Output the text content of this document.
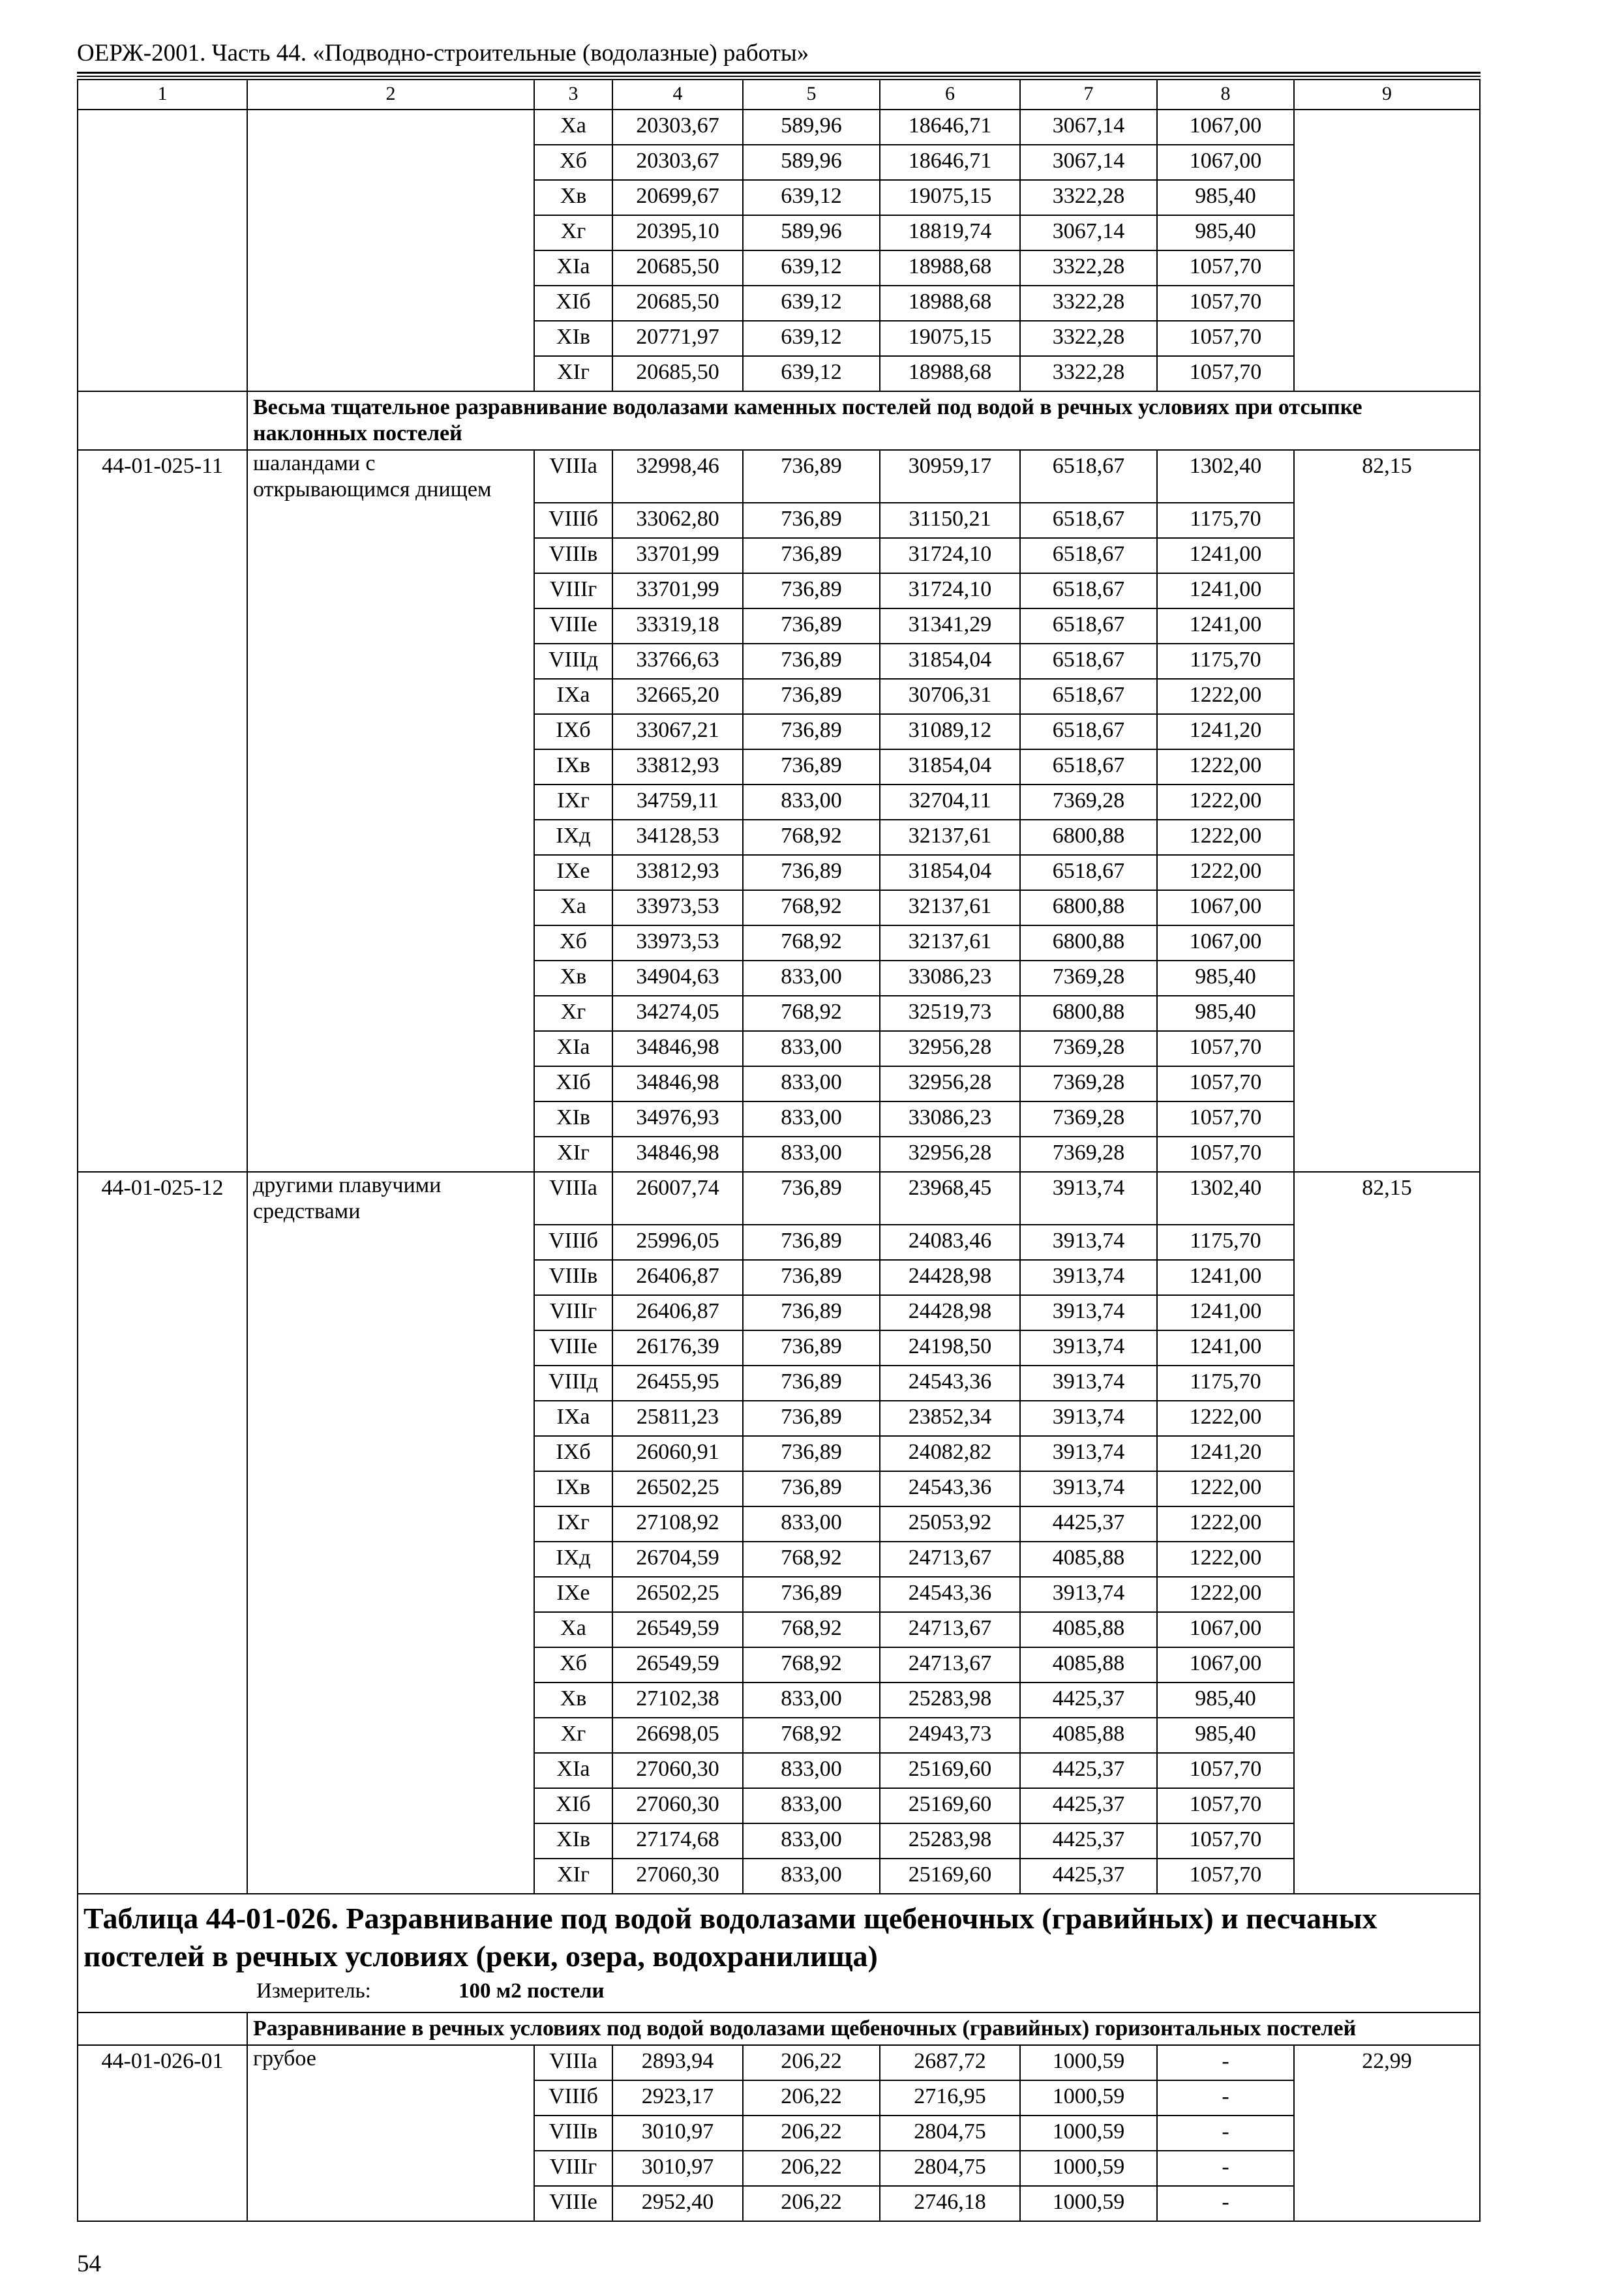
ОЕРЖ-2001. Часть 44. «Подводно-строительные (водолазные) работы»
1	2	3	4	5	6	7	8	9
		Xa	20303,67	589,96	18646,71	3067,14	1067,00	
		Xб	20303,67	589,96	18646,71	3067,14	1067,00	
		Xв	20699,67	639,12	19075,15	3322,28	985,40	
		Xг	20395,10	589,96	18819,74	3067,14	985,40	
		XIa	20685,50	639,12	18988,68	3322,28	1057,70	
		XIб	20685,50	639,12	18988,68	3322,28	1057,70	
		XIв	20771,97	639,12	19075,15	3322,28	1057,70	
		XIг	20685,50	639,12	18988,68	3322,28	1057,70	
	Весьма тщательное разравнивание водолазами каменных постелей под водой в речных условиях при отсыпке наклонных постелей							
44-01-025-11	шаландами с открывающимся днищем	VIIIa	32998,46	736,89	30959,17	6518,67	1302,40	82,15
		VIIIб	33062,80	736,89	31150,21	6518,67	1175,70	
		VIIIв	33701,99	736,89	31724,10	6518,67	1241,00	
		VIIIг	33701,99	736,89	31724,10	6518,67	1241,00	
		VIIIe	33319,18	736,89	31341,29	6518,67	1241,00	
		VIIIд	33766,63	736,89	31854,04	6518,67	1175,70	
		IXa	32665,20	736,89	30706,31	6518,67	1222,00	
		IXб	33067,21	736,89	31089,12	6518,67	1241,20	
		IXв	33812,93	736,89	31854,04	6518,67	1222,00	
		IXг	34759,11	833,00	32704,11	7369,28	1222,00	
		IXд	34128,53	768,92	32137,61	6800,88	1222,00	
		IXe	33812,93	736,89	31854,04	6518,67	1222,00	
		Xa	33973,53	768,92	32137,61	6800,88	1067,00	
		Xб	33973,53	768,92	32137,61	6800,88	1067,00	
		Xв	34904,63	833,00	33086,23	7369,28	985,40	
		Xг	34274,05	768,92	32519,73	6800,88	985,40	
		XIa	34846,98	833,00	32956,28	7369,28	1057,70	
		XIб	34846,98	833,00	32956,28	7369,28	1057,70	
		XIв	34976,93	833,00	33086,23	7369,28	1057,70	
		XIг	34846,98	833,00	32956,28	7369,28	1057,70	
44-01-025-12	другими плавучими средствами	VIIIa	26007,74	736,89	23968,45	3913,74	1302,40	82,15
		VIIIб	25996,05	736,89	24083,46	3913,74	1175,70	
		VIIIв	26406,87	736,89	24428,98	3913,74	1241,00	
		VIIIг	26406,87	736,89	24428,98	3913,74	1241,00	
		VIIIe	26176,39	736,89	24198,50	3913,74	1241,00	
		VIIIд	26455,95	736,89	24543,36	3913,74	1175,70	
		IXa	25811,23	736,89	23852,34	3913,74	1222,00	
		IXб	26060,91	736,89	24082,82	3913,74	1241,20	
		IXв	26502,25	736,89	24543,36	3913,74	1222,00	
		IXг	27108,92	833,00	25053,92	4425,37	1222,00	
		IXд	26704,59	768,92	24713,67	4085,88	1222,00	
		IXe	26502,25	736,89	24543,36	3913,74	1222,00	
		Xa	26549,59	768,92	24713,67	4085,88	1067,00	
		Xб	26549,59	768,92	24713,67	4085,88	1067,00	
		Xв	27102,38	833,00	25283,98	4425,37	985,40	
		Xг	26698,05	768,92	24943,73	4085,88	985,40	
		XIa	27060,30	833,00	25169,60	4425,37	1057,70	
		XIб	27060,30	833,00	25169,60	4425,37	1057,70	
		XIв	27174,68	833,00	25283,98	4425,37	1057,70	
		XIг	27060,30	833,00	25169,60	4425,37	1057,70	

Таблица 44-01-026. Разравнивание под водой водолазами щебеночных (гравийных) и песчаных постелей в речных условиях (реки, озера, водохранилища)
Измеритель: 100 м2 постели								

	Разравнивание в речных условиях под водой водолазами щебеночных (гравийных) горизонтальных постелей							
44-01-026-01	грубое	VIIIa	2893,94	206,22	2687,72	1000,59	-	22,99
		VIIIб	2923,17	206,22	2716,95	1000,59	-	
		VIIIв	3010,97	206,22	2804,75	1000,59	-	
		VIIIг	3010,97	206,22	2804,75	1000,59	-	
		VIIIe	2952,40	206,22	2746,18	1000,59	-	
54
